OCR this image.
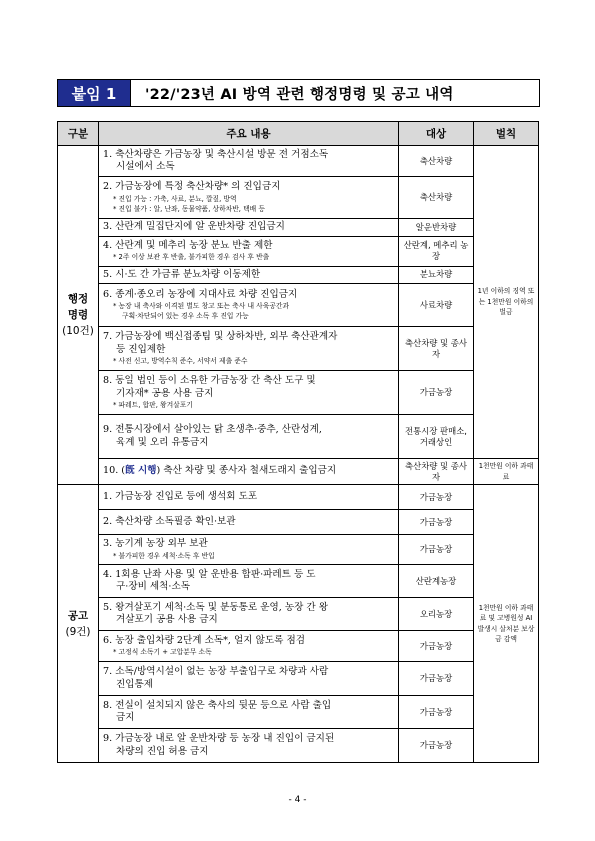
붙임 1	'22/'23년 AI 방역 관련 행정명령 및 공고 내역
구분	주요 내용	대상	벌칙

행정
명령
(10건)	1. 축산차량은 가금농장 및 축산시설 방문 전 거점소독
시설에서 소독	축산차량	1년 이하의 징역 또는 1천만원 이하의 벌금

	2. 가금농장에 특정 축산차량* 의 진입금지
* 진입 가능 : 가축, 사료, 분뇨, 깔짚, 방역
* 진입 불가 : 알, 난좌, 동물약품, 상하차반, 택배 등	축산차량	

	3. 산란계 밀집단지에 알 운반차량 진입금지	알운반차량	

	4. 산란계 및 메추리 농장 분뇨 반출 제한
* 2주 이상 보관 후 반출, 불가피한 경우 검사 후 반출	산란계, 메추리 농장	

	5. 시·도 간 가금류 분뇨차량 이동제한	분뇨차량	

	6. 종계·종오리 농장에 지대사료 차량 진입금지
* 농장 내 축사와 이격된 별도 창고 또는 축사 내 사육공간과
구획·차단되어 있는 경우 소독 후 진입 가능	사료차량	

	7. 가금농장에 백신접종팀 및 상하차반, 외부 축산관계자
등 진입제한
* 사전 신고, 방역수칙 준수, 서약서 제출 준수	축산차량 및 종사자	

	8. 동일 법인 등이 소유한 가금농장 간 축산 도구 및
기자재* 공용 사용 금지
* 파레트, 합판, 왕겨살포기	가금농장	

	9. 전통시장에서 살아있는 닭 초생추·중추, 산란성계,
육계 및 오리 유통금지	전통시장 판매소, 거래상인	
	10. (旣 시행) 축산 차량 및 종사자 철새도래지 출입금지	축산차량 및 종사자	1천만원 이하 과태료

공고
(9건)	1. 가금농장 진입로 등에 생석회 도포	가금농장	1천만원 이하 과태료 및 고병원성 AI 발생시 살처분 보상금 감액

	2. 축산차량 소독필증 확인·보관	가금농장	

	3. 농기계 농장 외부 보관
* 불가피한 경우 세척·소독 후 반입	가금농장	

	4. 1회용 난좌 사용 및 알 운반용 합판·파레트 등 도
구·장비 세척·소독	산란계농장	

	5. 왕겨살포기 세척·소독 및 분동통로 운영, 농장 간 왕
겨살포기 공용 사용 금지	오리농장	

	6. 농장 출입차량 2단계 소독*, 얼지 않도록 점검
* 고정식 소독기 + 고압분무 소독	가금농장	

	7. 소독/방역시설이 없는 농장 부출입구로 차량과 사람
진입통제	가금농장	

	8. 전실이 설치되지 않은 축사의 뒷문 등으로 사람 출입
금지	가금농장	

	9. 가금농장 내로 알 운반차량 등 농장 내 진입이 금지된
차량의 진입 허용 금지	가금농장	
- 4 -
